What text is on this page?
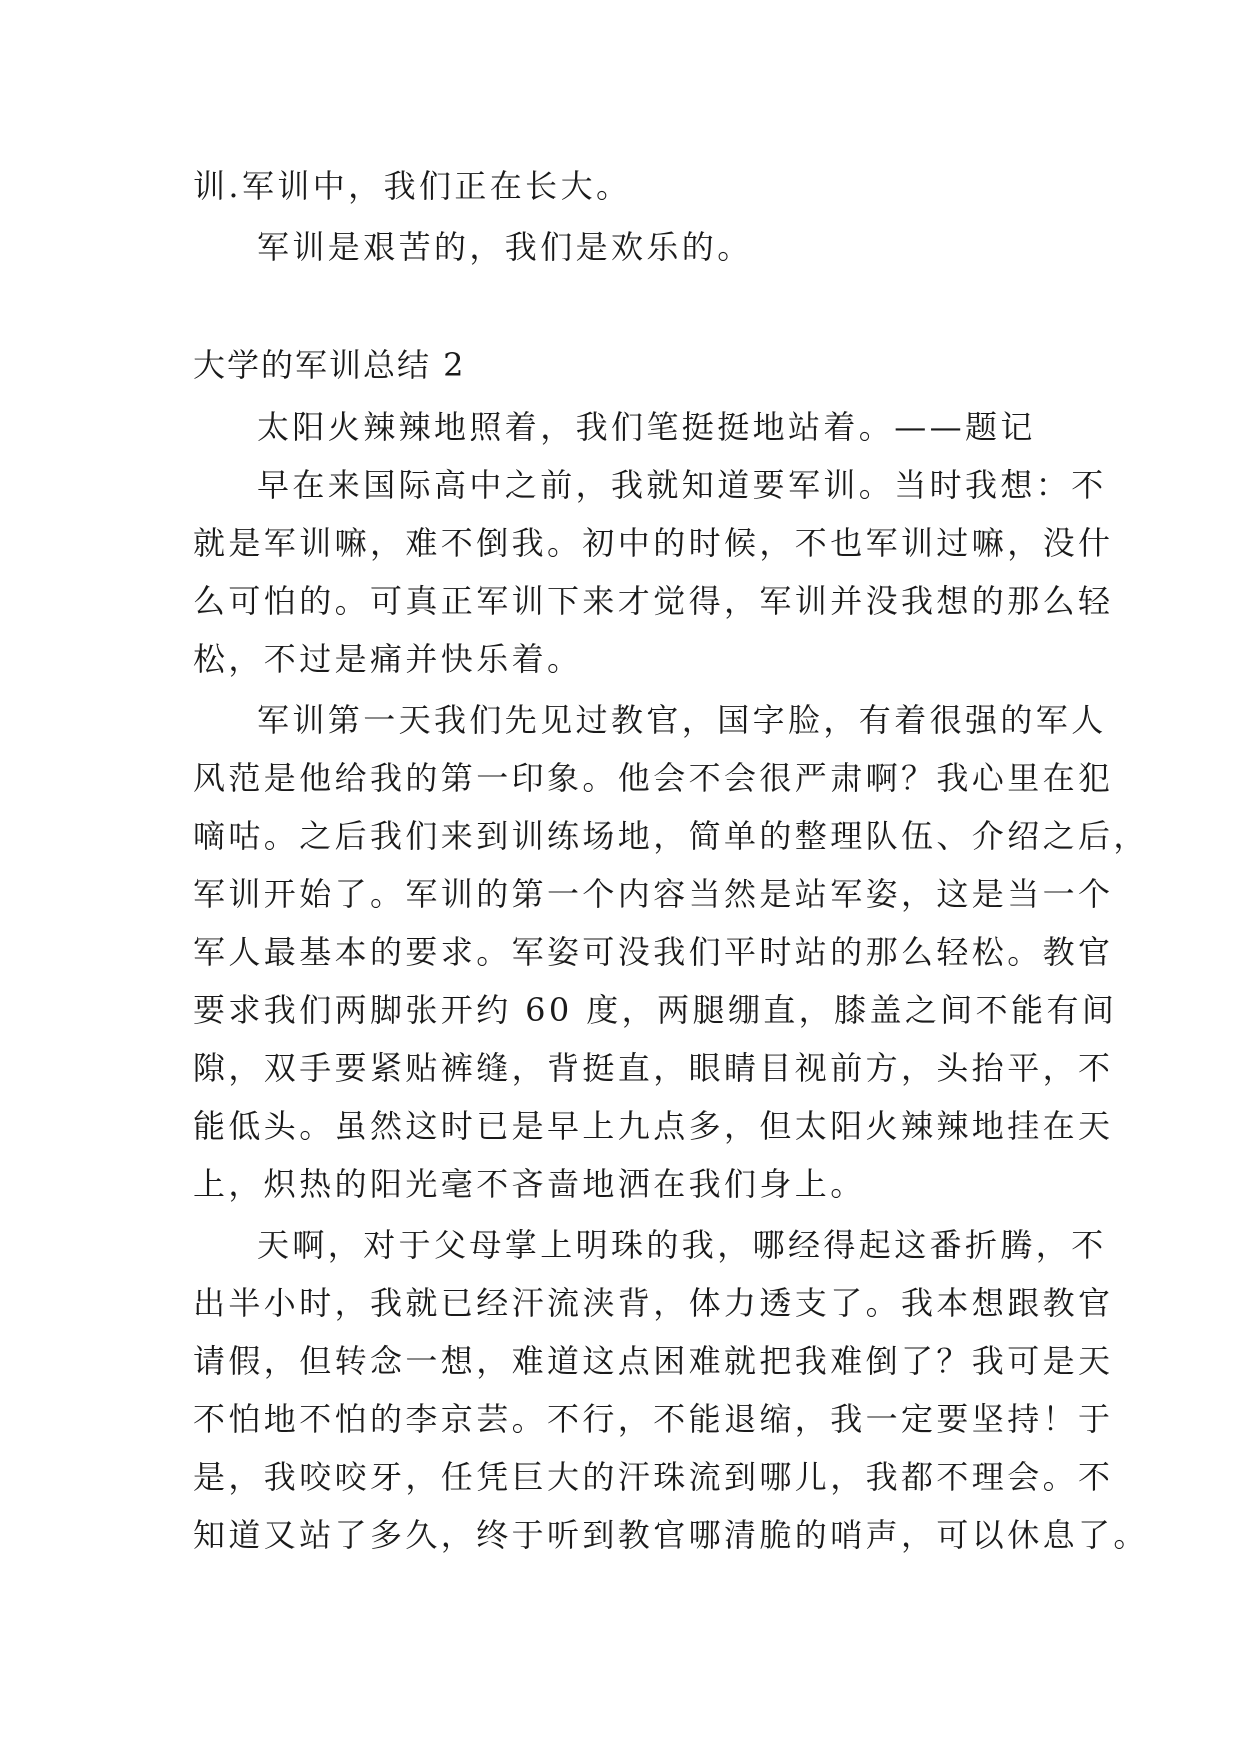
训.军训中，我们正在长大。
军训是艰苦的，我们是欢乐的。
大学的军训总结 2
太阳火辣辣地照着，我们笔挺挺地站着。——题记
早在来国际高中之前，我就知道要军训。当时我想：不
就是军训嘛，难不倒我。初中的时候，不也军训过嘛，没什
么可怕的。可真正军训下来才觉得，军训并没我想的那么轻
松，不过是痛并快乐着。
军训第一天我们先见过教官，国字脸，有着很强的军人
风范是他给我的第一印象。他会不会很严肃啊？我心里在犯
嘀咕。之后我们来到训练场地，简单的整理队伍、介绍之后，
军训开始了。军训的第一个内容当然是站军姿，这是当一个
军人最基本的要求。军姿可没我们平时站的那么轻松。教官
要求我们两脚张开约 60 度，两腿绷直，膝盖之间不能有间
隙，双手要紧贴裤缝，背挺直，眼睛目视前方，头抬平，不
能低头。虽然这时已是早上九点多，但太阳火辣辣地挂在天
上，炽热的阳光毫不吝啬地洒在我们身上。
天啊，对于父母掌上明珠的我，哪经得起这番折腾，不
出半小时，我就已经汗流浃背，体力透支了。我本想跟教官
请假，但转念一想，难道这点困难就把我难倒了？我可是天
不怕地不怕的李京芸。不行，不能退缩，我一定要坚持！于
是，我咬咬牙，任凭巨大的汗珠流到哪儿，我都不理会。不
知道又站了多久，终于听到教官哪清脆的哨声，可以休息了。
